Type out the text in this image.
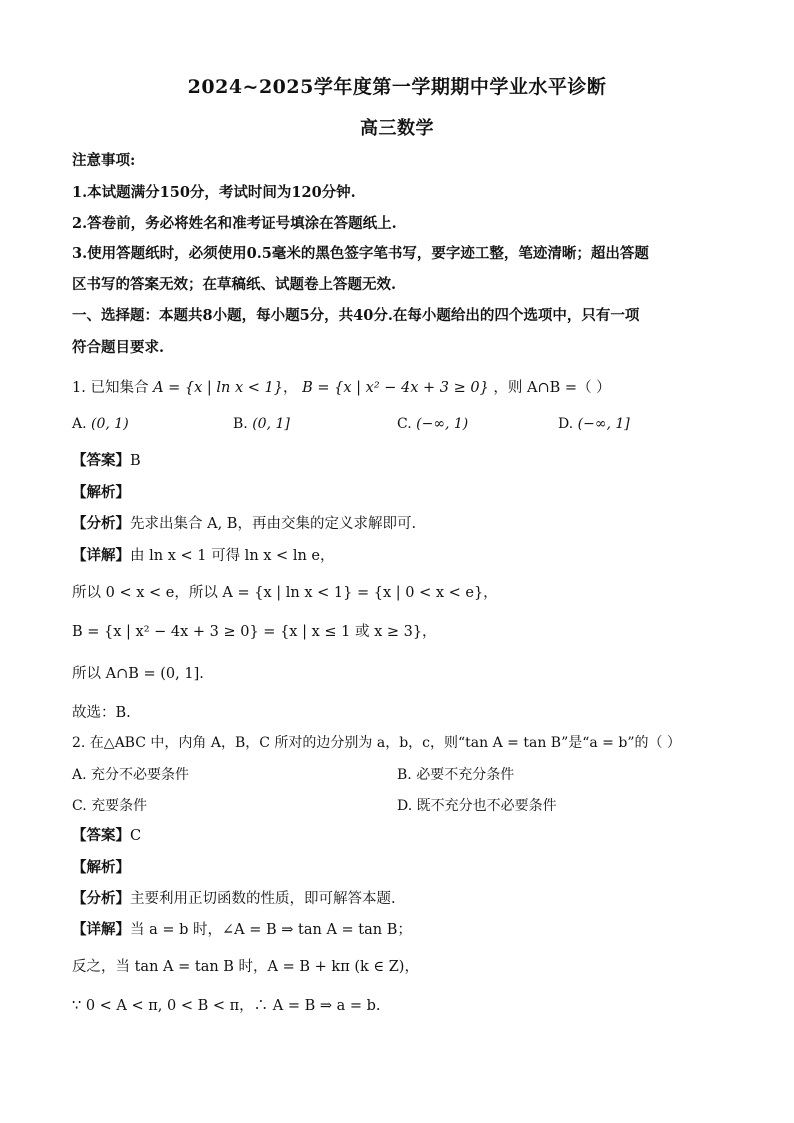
2024~2025学年度第一学期期中学业水平诊断
高三数学
注意事项:
1.本试题满分150分，考试时间为120分钟.
2.答卷前，务必将姓名和准考证号填涂在答题纸上.
3.使用答题纸时，必须使用0.5毫米的黑色签字笔书写，要字迹工整，笔迹清晰；超出答题
区书写的答案无效；在草稿纸、试题卷上答题无效.
一、选择题：本题共8小题，每小题5分，共40分.在每小题给出的四个选项中，只有一项
符合题目要求.
1. 已知集合 A = {x | ln x < 1}， B = {x | x² − 4x + 3 ≥ 0} ，则 A∩B =（ ）
A. (0, 1)	B. (0, 1]	C. (−∞, 1)	D. (−∞, 1]
【答案】B
【解析】
【分析】先求出集合 A, B，再由交集的定义求解即可.
【详解】由 ln x < 1 可得 ln x < ln e，
所以 0 < x < e，所以 A = {x | ln x < 1} = {x | 0 < x < e}，
B = {x | x² − 4x + 3 ≥ 0} = {x | x ≤ 1 或 x ≥ 3}，
所以 A∩B = (0, 1].
故选：B.
2. 在△ABC 中，内角 A，B，C 所对的边分别为 a，b，c，则“tan A = tan B”是“a = b”的（ ）
A. 充分不必要条件	B. 必要不充分条件
C. 充要条件	D. 既不充分也不必要条件
【答案】C
【解析】
【分析】主要利用正切函数的性质，即可解答本题.
【详解】当 a = b 时，∠A = B ⇒ tan A = tan B；
反之，当 tan A = tan B 时，A = B + kπ (k ∈ Z)，
∵ 0 < A < π, 0 < B < π，∴ A = B ⇒ a = b.
